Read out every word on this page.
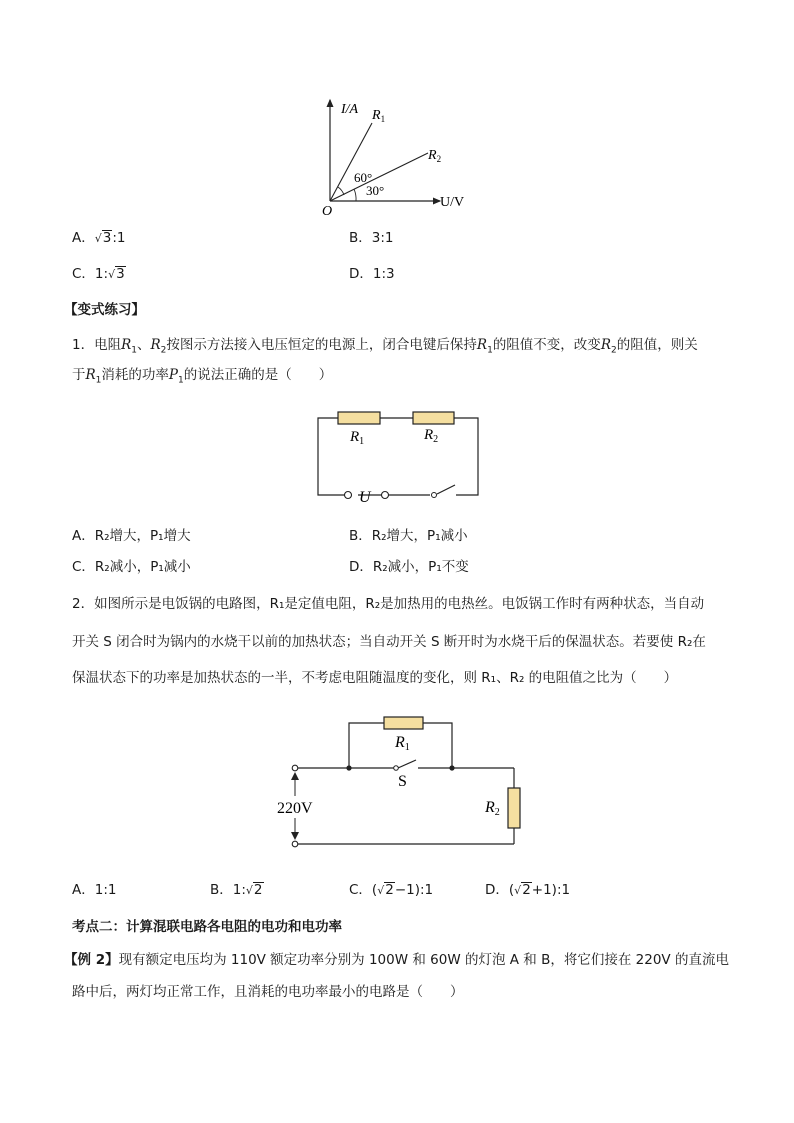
I/A
O
U/V
$R_1$
$R_2$
60°
30°
A．√3:1	B．3:1
C．1:√3	D．1:3
【变式练习】
1．电阻$R_1$、$R_2$按图示方法接入电压恒定的电源上，闭合电键后保持$R_1$的阻值不变，改变$R_2$的阻值，则关
于$R_1$消耗的功率$P_1$的说法正确的是（　　）
$R_1$	$R_2$
U
A．R₂增大，P₁增大	B．R₂增大，P₁减小
C．R₂减小，P₁减小	D．R₂减小，P₁不变
2．如图所示是电饭锅的电路图，R₁是定值电阻，R₂是加热用的电热丝。电饭锅工作时有两种状态，当自动
开关 S 闭合时为锅内的水烧干以前的加热状态；当自动开关 S 断开时为水烧干后的保温状态。若要使 R₂在
保温状态下的功率是加热状态的一半，不考虑电阻随温度的变化，则 R₁、R₂ 的电阻值之比为（　　）
R1
S
R2
220V
A．1:1	B．1:√2	C．(√2−1):1	D．(√2+1):1
考点二：计算混联电路各电阻的电功和电功率
【例 2】现有额定电压均为 110V 额定功率分别为 100W 和 60W 的灯泡 A 和 B，将它们接在 220V 的直流电
路中后，两灯均正常工作，且消耗的电功率最小的电路是（　　）
